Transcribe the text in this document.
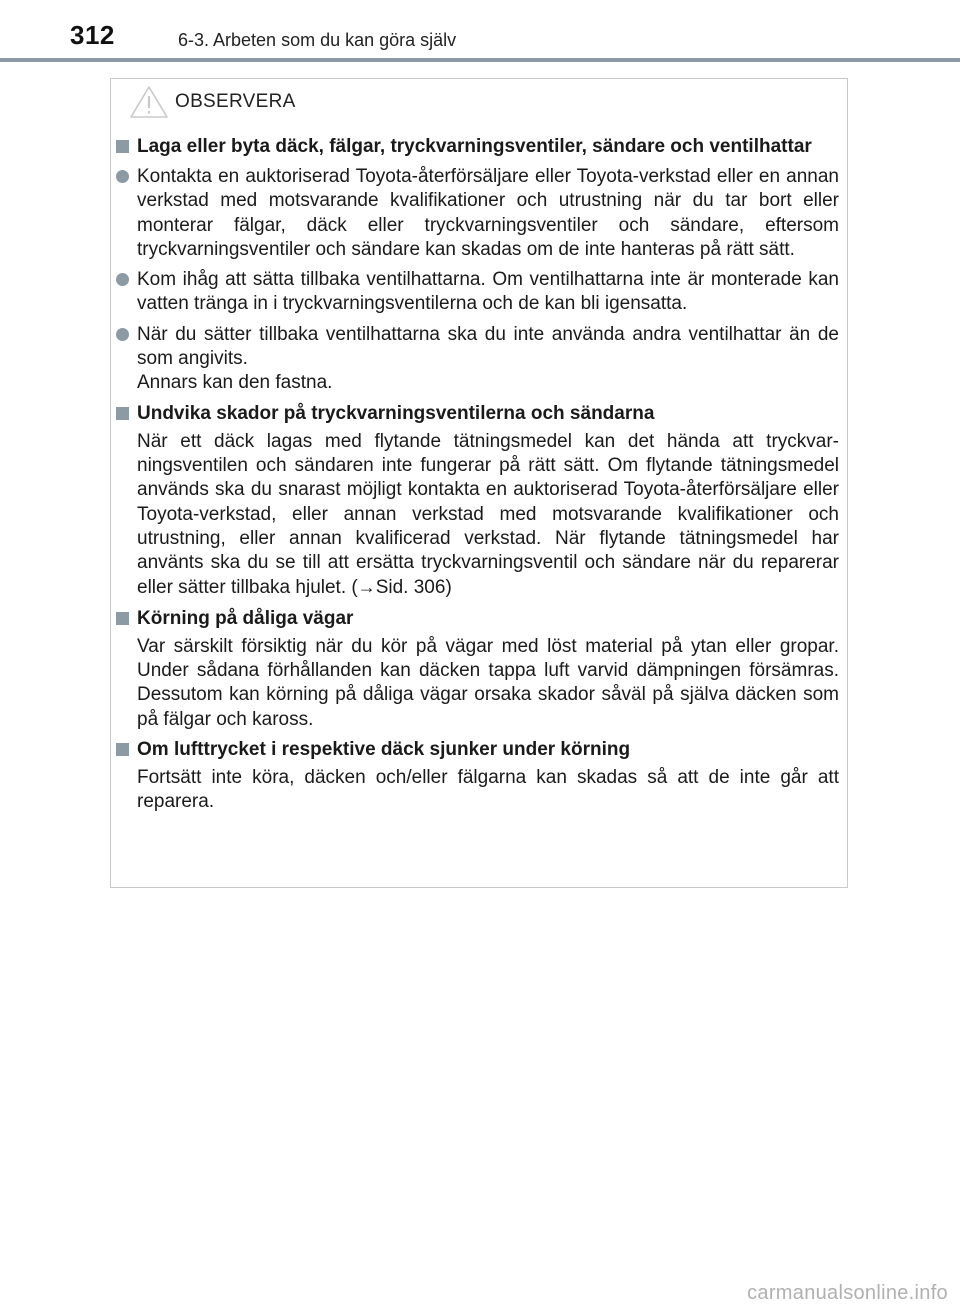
312	6-3. Arbeten som du kan göra själv
OBSERVERA
Laga eller byta däck, fälgar, tryckvarningsventiler, sändare och ventilhattar
Kontakta en auktoriserad Toyota-återförsäljare eller Toyota-verkstad eller en annan verkstad med motsvarande kvalifikationer och utrustning när du tar bort eller monterar fälgar, däck eller tryckvarningsventiler och sändare, eftersom tryckvarningsventiler och sändare kan skadas om de inte hanteras på rätt sätt.
Kom ihåg att sätta tillbaka ventilhattarna. Om ventilhattarna inte är monterade kan vatten tränga in i tryckvarningsventilerna och de kan bli igensatta.
När du sätter tillbaka ventilhattarna ska du inte använda andra ventilhattar än de som angivits.
Annars kan den fastna.
Undvika skador på tryckvarningsventilerna och sändarna
När ett däck lagas med flytande tätningsmedel kan det hända att tryckvarningsventilen och sändaren inte fungerar på rätt sätt. Om flytande tätningsmedel används ska du snarast möjligt kontakta en auktoriserad Toyota-återförsäljare eller Toyota-verkstad, eller annan verkstad med motsvarande kvalifikationer och utrustning, eller annan kvalificerad verkstad. När flytande tätningsmedel har använts ska du se till att ersätta tryckvarningsventil och sändare när du reparerar eller sätter tillbaka hjulet. (→Sid. 306)
Körning på dåliga vägar
Var särskilt försiktig när du kör på vägar med löst material på ytan eller gropar. Under sådana förhållanden kan däcken tappa luft varvid dämpningen försämras. Dessutom kan körning på dåliga vägar orsaka skador såväl på själva däcken som på fälgar och kaross.
Om lufttrycket i respektive däck sjunker under körning
Fortsätt inte köra, däcken och/eller fälgarna kan skadas så att de inte går att reparera.
carmanualsonline.info
